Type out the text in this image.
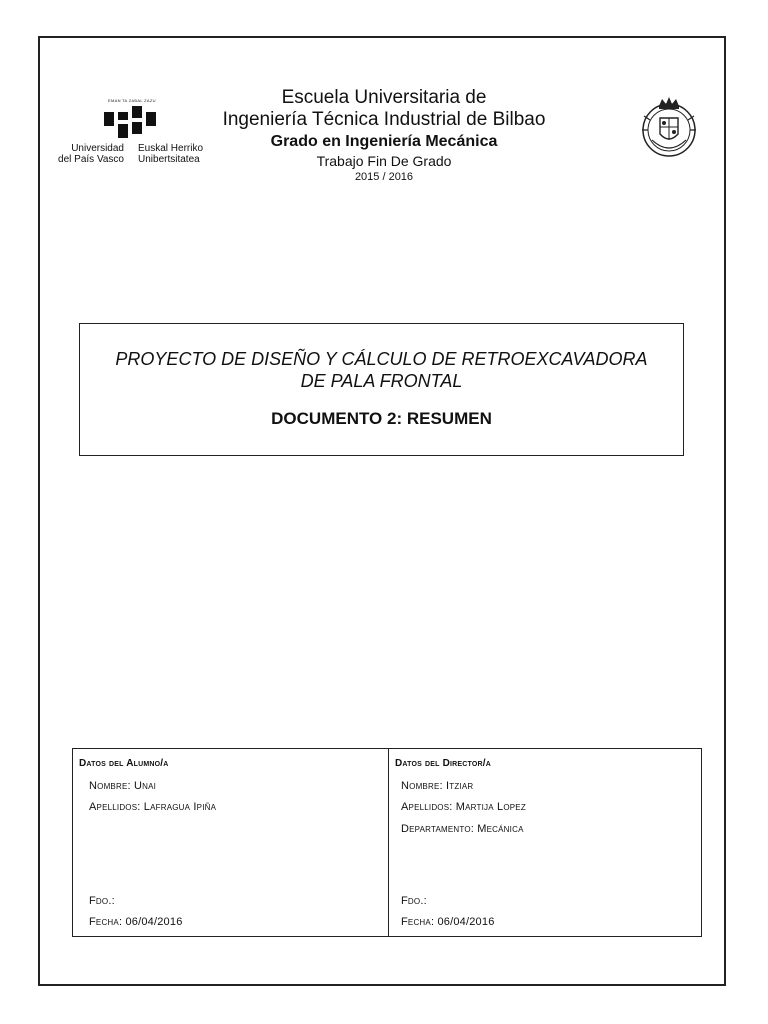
EMAN TA ZABAL ZAZU
Universidad
del País Vasco
Euskal Herriko
Unibertsitatea
Escuela Universitaria de
Ingeniería Técnica Industrial de Bilbao
Grado en Ingeniería Mecánica
Trabajo Fin De Grado
2015 / 2016
PROYECTO DE DISEÑO Y CÁLCULO DE RETROEXCAVADORA
DE PALA FRONTAL
DOCUMENTO 2: RESUMEN
Datos del Alumno/a
Nombre: Unai
Apellidos: Lafragua Ipiña
Fdo.:
Fecha: 06/04/2016
Datos del Director/a
Nombre: Itziar
Apellidos: Martija Lopez
Departamento: Mecánica
Fdo.:
Fecha: 06/04/2016
